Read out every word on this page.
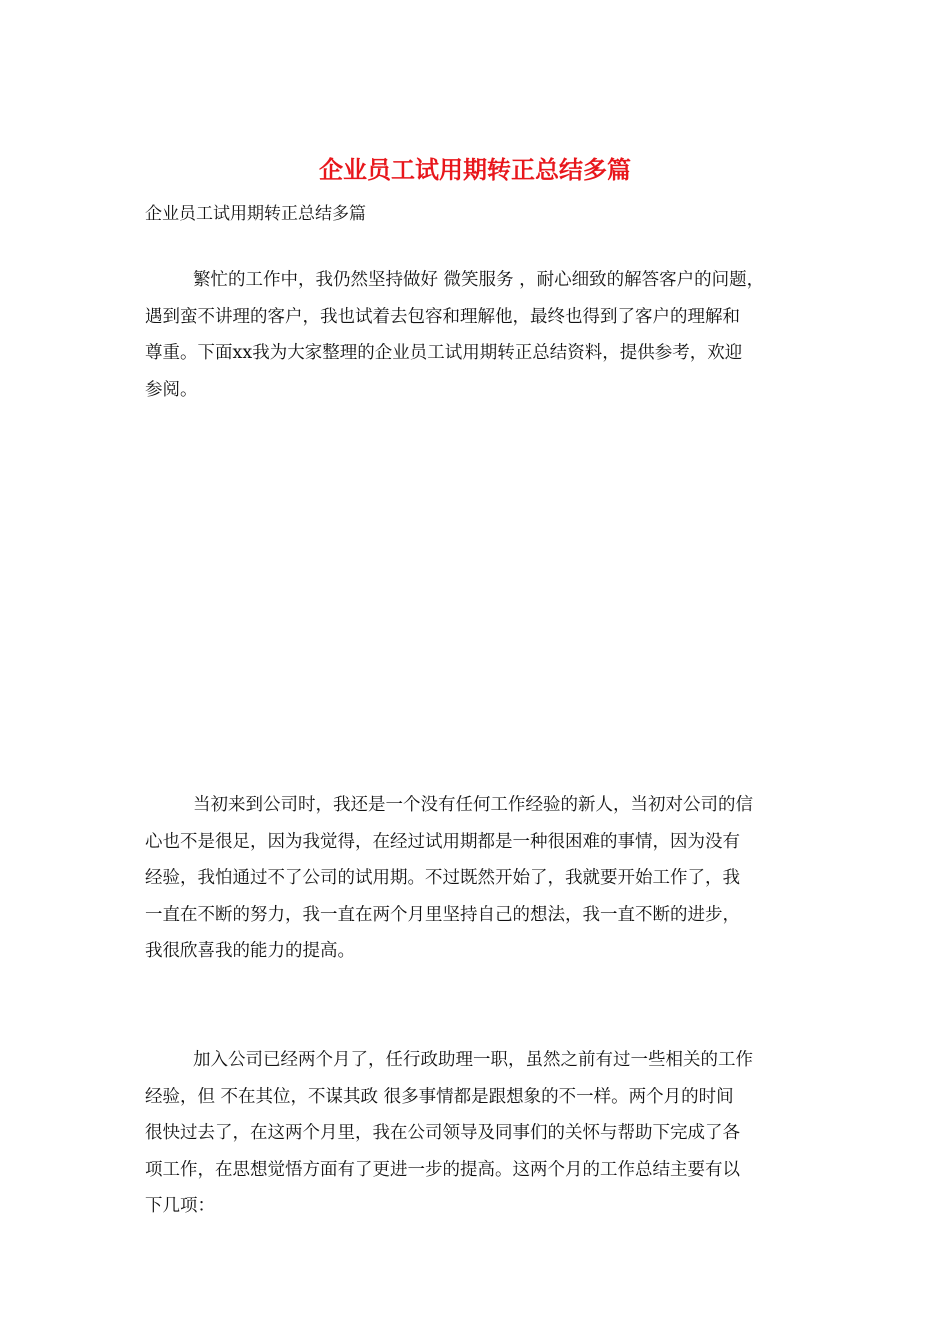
企业员工试用期转正总结多篇

企业员工试用期转正总结多篇

繁忙的工作中，我仍然坚持做好 微笑服务 ，耐心细致的解答客户的问题，
遇到蛮不讲理的客户，我也试着去包容和理解他，最终也得到了客户的理解和
尊重。下面xx我为大家整理的企业员工试用期转正总结资料，提供参考，欢迎
参阅。
当初来到公司时，我还是一个没有任何工作经验的新人，当初对公司的信
心也不是很足，因为我觉得，在经过试用期都是一种很困难的事情，因为没有
经验，我怕通过不了公司的试用期。不过既然开始了，我就要开始工作了，我
一直在不断的努力，我一直在两个月里坚持自己的想法，我一直不断的进步，
我很欣喜我的能力的提高。
加入公司已经两个月了，任行政助理一职，虽然之前有过一些相关的工作
经验，但 不在其位，不谋其政 很多事情都是跟想象的不一样。两个月的时间
很快过去了，在这两个月里，我在公司领导及同事们的关怀与帮助下完成了各
项工作，在思想觉悟方面有了更进一步的提高。这两个月的工作总结主要有以
下几项：
